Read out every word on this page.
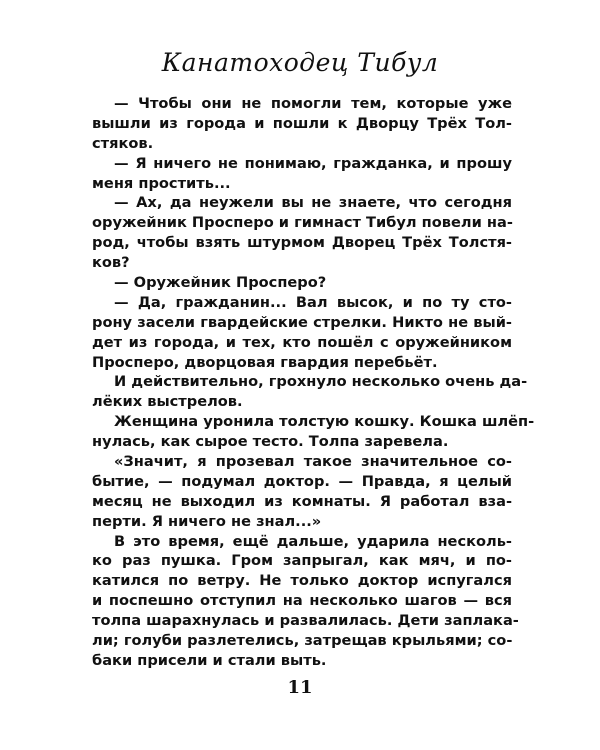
Канатоходец Тибул
— Чтобы они не помогли тем, которые уже
вышли из города и пошли к Дворцу Трёх Тол-
стяков.
— Я ничего не понимаю, гражданка, и прошу
меня простить...
— Ах, да неужели вы не знаете, что сегодня
оружейник Просперо и гимнаст Тибул повели на-
род, чтобы взять штурмом Дворец Трёх Толстя-
ков?
— Оружейник Просперо?
— Да, гражданин... Вал высок, и по ту сто-
рону засели гвардейские стрелки. Никто не вый-
дет из города, и тех, кто пошёл с оружейником
Просперо, дворцовая гвардия перебьёт.
И действительно, грохнуло несколько очень да-
лёких выстрелов.
Женщина уронила толстую кошку. Кошка шлёп-
нулась, как сырое тесто. Толпа заревела.
«Значит, я прозевал такое значительное со-
бытие, — подумал доктор. — Правда, я целый
месяц не выходил из комнаты. Я работал вза-
перти. Я ничего не знал...»
В это время, ещё дальше, ударила несколь-
ко раз пушка. Гром запрыгал, как мяч, и по-
катился по ветру. Не только доктор испугался
и поспешно отступил на несколько шагов — вся
толпа шарахнулась и развалилась. Дети заплака-
ли; голуби разлетелись, затрещав крыльями; со-
баки присели и стали выть.
11
